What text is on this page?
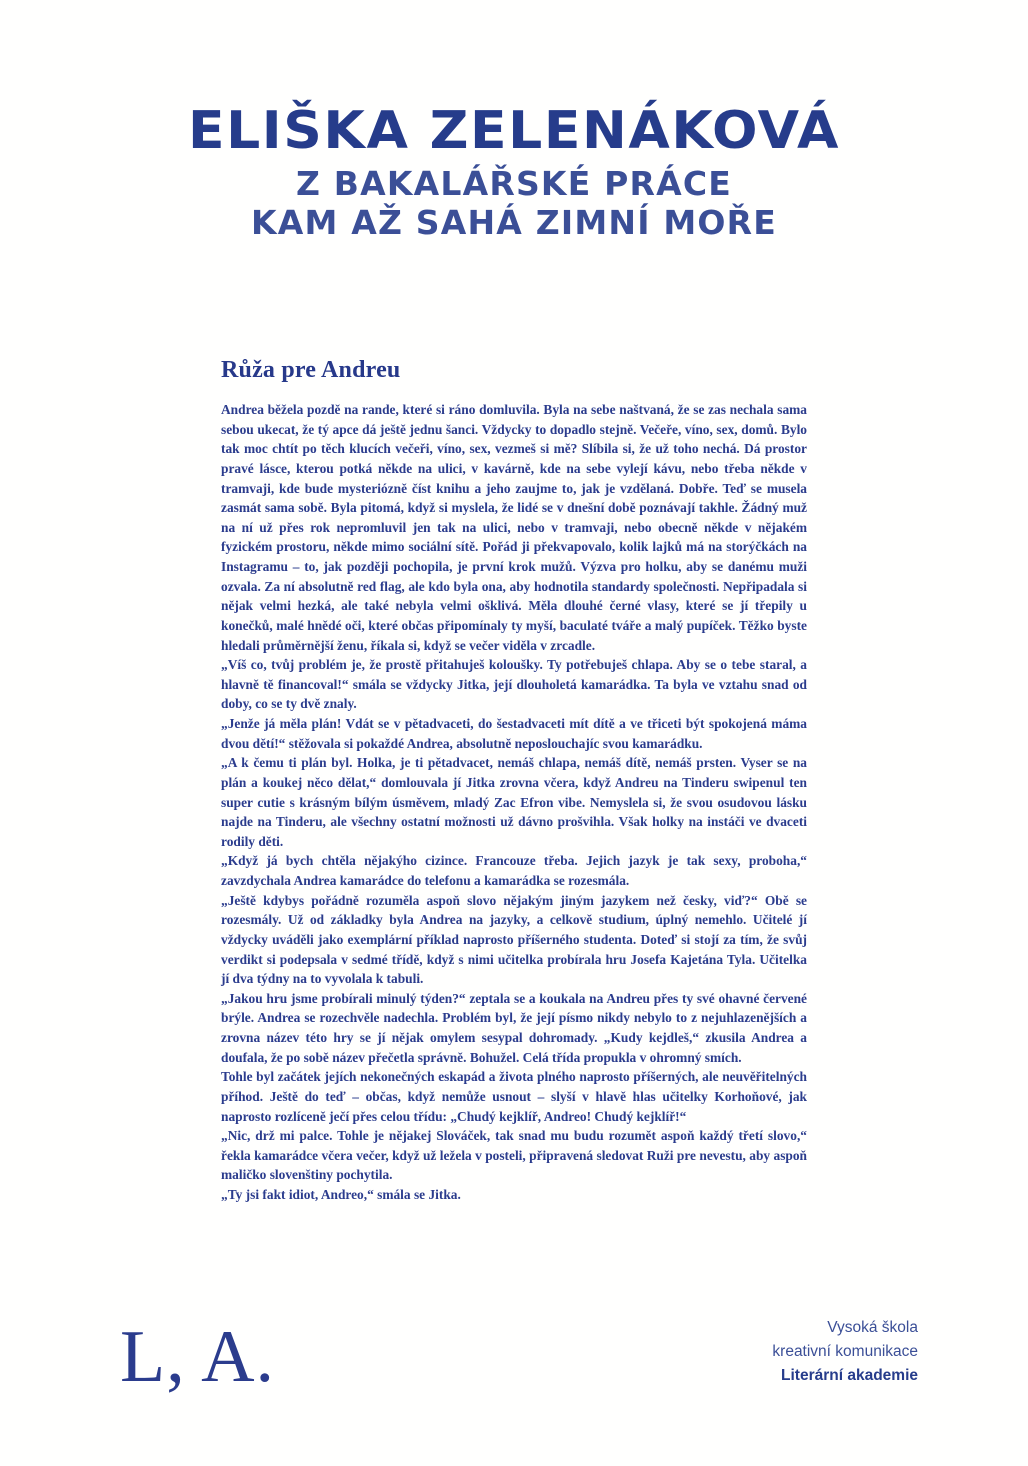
ELIŠKA ZELENÁKOVÁ
Z BAKALÁŘSKÉ PRÁCE
KAM AŽ SAHÁ ZIMNÍ MOŘE
Růža pre Andreu

Andrea běžela pozdě na rande, které si ráno domluvila. Byla na sebe naštvaná, že se zas nechala sama sebou ukecat, že tý apce dá ještě jednu šanci. Vždycky to dopadlo stejně. Večeře, víno, sex, domů. Bylo tak moc chtít po těch klucích večeři, víno, sex, vezmeš si mě? Slíbila si, že už toho nechá. Dá prostor pravé lásce, kterou potká někde na ulici, v kavárně, kde na sebe vylejí kávu, nebo třeba někde v tramvaji, kde bude mysteriózně číst knihu a jeho zaujme to, jak je vzdělaná. Dobře. Teď se musela zasmát sama sobě. Byla pitomá, když si myslela, že lidé se v dnešní době poznávají takhle. Žádný muž na ní už přes rok nepromluvil jen tak na ulici, nebo v tramvaji, nebo obecně někde v nějakém fyzickém prostoru, někde mimo sociální sítě. Pořád ji překvapovalo, kolik lajků má na storýčkách na Instagramu – to, jak později pochopila, je první krok mužů. Výzva pro holku, aby se danému muži ozvala. Za ní absolutně red flag, ale kdo byla ona, aby hodnotila standardy společnosti. Nepřipadala si nějak velmi hezká, ale také nebyla velmi ošklivá. Měla dlouhé černé vlasy, které se jí třepily u konečků, malé hnědé oči, které občas připomínaly ty myší, baculaté tváře a malý pupíček. Těžko byste hledali průměrnější ženu, říkala si, když se večer viděla v zrcadle.

„Víš co, tvůj problém je, že prostě přitahuješ koloušky. Ty potřebuješ chlapa. Aby se o tebe staral, a hlavně tě financoval!“ smála se vždycky Jitka, její dlouholetá kamarádka. Ta byla ve vztahu snad od doby, co se ty dvě znaly.

„Jenže já měla plán! Vdát se v pětadvaceti, do šestadvaceti mít dítě a ve třiceti být spokojená máma dvou dětí!“ stěžovala si pokaždé Andrea, absolutně neposlouchajíc svou kamarádku.

„A k čemu ti plán byl. Holka, je ti pětadvacet, nemáš chlapa, nemáš dítě, nemáš prsten. Vyser se na plán a koukej něco dělat,“ domlouvala jí Jitka zrovna včera, když Andreu na Tinderu swipenul ten super cutie s krásným bílým úsměvem, mladý Zac Efron vibe. Nemyslela si, že svou osudovou lásku najde na Tinderu, ale všechny ostatní možnosti už dávno prošvihla. Však holky na instáči ve dvaceti rodily děti.

„Když já bych chtěla nějakýho cizince. Francouze třeba. Jejich jazyk je tak sexy, proboha,“ zavzdychala Andrea kamarádce do telefonu a kamarádka se rozesmála.

„Ještě kdybys pořádně rozuměla aspoň slovo nějakým jiným jazykem než česky, viď?“ Obě se rozesmály. Už od základky byla Andrea na jazyky, a celkově studium, úplný nemehlo. Učitelé jí vždycky uváděli jako exemplární příklad naprosto příšerného studenta. Doteď si stojí za tím, že svůj verdikt si podepsala v sedmé třídě, když s nimi učitelka probírala hru Josefa Kajetána Tyla. Učitelka jí dva týdny na to vyvolala k tabuli.

„Jakou hru jsme probírali minulý týden?“ zeptala se a koukala na Andreu přes ty své ohavné červené brýle. Andrea se rozechvěle nadechla. Problém byl, že její písmo nikdy nebylo to z nejuhlazenějších a zrovna název této hry se jí nějak omylem sesypal dohromady. „Kudy kejdleš,“ zkusila Andrea a doufala, že po sobě název přečetla správně. Bohužel. Celá třída propukla v ohromný smích.

Tohle byl začátek jejích nekonečných eskapád a života plného naprosto příšerných, ale neuvěřitelných příhod. Ještě do teď – občas, když nemůže usnout – slyší v hlavě hlas učitelky Korhoňové, jak naprosto rozlíceně ječí přes celou třídu: „Chudý kejklíř, Andreo! Chudý kejklíř!“

„Nic, drž mi palce. Tohle je nějakej Slováček, tak snad mu budu rozumět aspoň každý třetí slovo,“ řekla kamarádce včera večer, když už ležela v posteli, připravená sledovat Ruži pre nevestu, aby aspoň maličko slovenštiny pochytila.

„Ty jsi fakt idiot, Andreo,“ smála se Jitka.

L, A.	Vysoká škola
kreativní komunikace
Literární akademie
